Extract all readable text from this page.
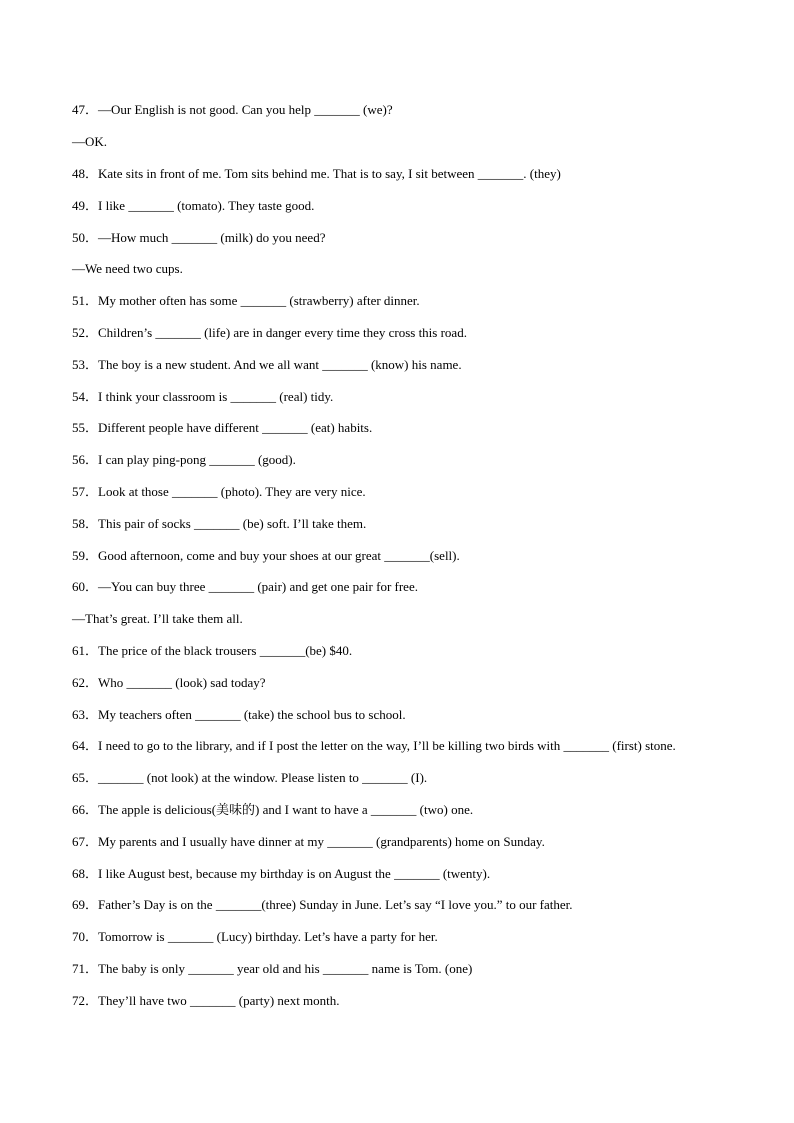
47．—Our English is not good. Can you help _______ (we)?
—OK.
48．Kate sits in front of me. Tom sits behind me. That is to say, I sit between _______. (they)
49．I like _______ (tomato). They taste good.
50．—How much _______ (milk) do you need?
—We need two cups.
51．My mother often has some _______ (strawberry) after dinner.
52．Children’s _______ (life) are in danger every time they cross this road.
53．The boy is a new student. And we all want _______ (know) his name.
54．I think your classroom is _______ (real) tidy.
55．Different people have different _______ (eat) habits.
56．I can play ping-pong _______ (good).
57．Look at those _______ (photo). They are very nice.
58．This pair of socks _______ (be) soft. I’ll take them.
59．Good afternoon, come and buy your shoes at our great _______(sell).
60．—You can buy three _______ (pair) and get one pair for free.
—That’s great. I’ll take them all.
61．The price of the black trousers _______(be) $40.
62．Who _______ (look) sad today?
63．My teachers often _______ (take) the school bus to school.
64．I need to go to the library, and if I post the letter on the way, I’ll be killing two birds with _______ (first) stone.
65．_______ (not look) at the window. Please listen to _______ (I).
66．The apple is delicious(美味的) and I want to have a _______ (two) one.
67．My parents and I usually have dinner at my _______ (grandparents) home on Sunday.
68．I like August best, because my birthday is on August the _______ (twenty).
69．Father’s Day is on the _______(three) Sunday in June. Let’s say “I love you.” to our father.
70．Tomorrow is _______ (Lucy) birthday. Let’s have a party for her.
71．The baby is only _______ year old and his _______ name is Tom. (one)
72．They’ll have two _______ (party) next month.
